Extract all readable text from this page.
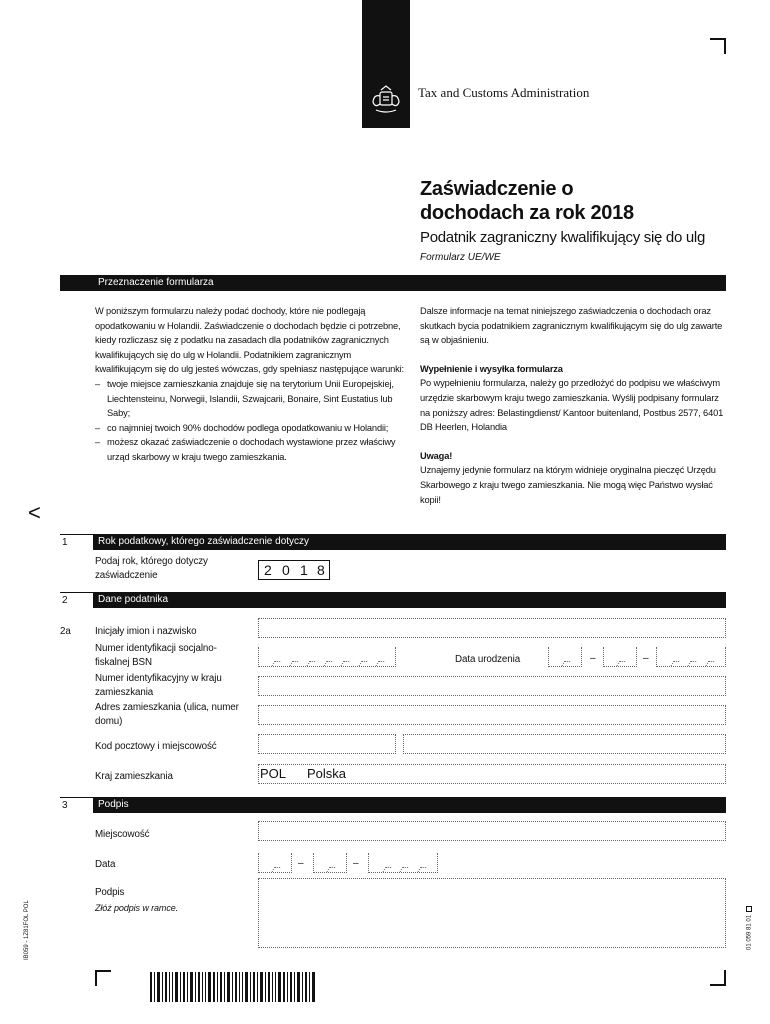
Tax and Customs Administration
Zaświadczenie o
dochodach za rok 2018
Podatnik zagraniczny kwalifikujący się do ulg
Formularz UE/WE
Przeznaczenie formularza

W poniższym formularzu należy podać dochody, które nie podlegają opodatkowaniu w Holandii. Zaświadczenie o dochodach będzie ci potrzebne, kiedy rozliczasz się z podatku na zasadach dla podatników zagranicznych kwalifikujących się do ulg w Holandii. Podatnikiem zagranicznym kwalifikującym się do ulg jesteś wówczas, gdy spełniasz następujące warunki:

– twoje miejsce zamieszkania znajduje się na terytorium Unii Europejskiej, Liechtensteinu, Norwegii, Islandii, Szwajcarii, Bonaire, Sint Eustatius lub Saby;
– co najmniej twoich 90% dochodów podlega opodatkowaniu w Holandii;
– możesz okazać zaświadczenie o dochodach wystawione przez właściwy urząd skarbowy w kraju twego zamieszkania.

Dalsze informacje na temat niniejszego zaświadczenia o dochodach oraz skutkach bycia podatnikiem zagranicznym kwalifikującym się do ulg zawarte są w objaśnieniu.

Wypełnienie i wysyłka formularza

Po wypełnieniu formularza, należy go przedłożyć do podpisu we właściwym urzędzie skarbowym kraju twego zamieszkania. Wyślij podpisany formularz na poniższy adres: Belastingdienst/ Kantoor buitenland, Postbus 2577, 6401 DB Heerlen, Holandia

Uwaga!

Uznajemy jedynie formularz na którym widnieje oryginalna pieczęć Urzędu Skarbowego z kraju twego zamieszkania. Nie mogą więc Państwo wysłać kopii!

<
1	Rok podatkowy, którego zaświadczenie dotyczy
Podaj rok, którego dotyczy zaświadczenie	2 0 1 8
2	Dane podatnika
2a Inicjały imion i nazwisko
Numer identyfikacji socjalno-fiskalnej BSN	Data urodzenia	–	–
Numer identyfikacyjny w kraju zamieszkania
Adres zamieszkania (ulica, numer domu)
Kod pocztowy i miejscowość
Kraj zamieszkania	POL Polska
3	Podpis
Miejscowość
Data	–	–
Podpis
Złóż podpis w ramce.
IB059 - 1Z81FOL POL	01 059 81 01
